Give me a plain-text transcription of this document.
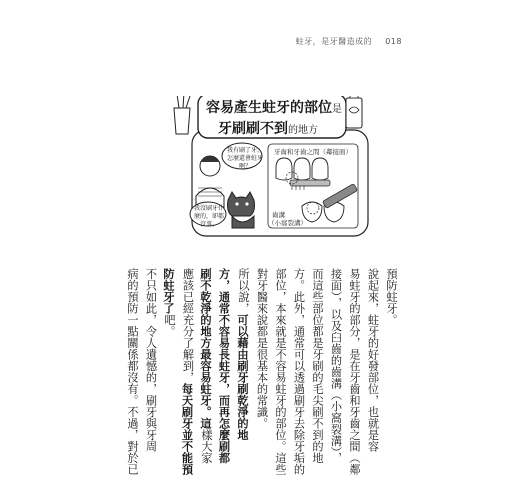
蛀牙，是牙醫造成的 018
我有刷了牙，
怎麼還會蛀牙
啊？
我沒刷牙什
麼的，卻都
沒事。
牙齒和牙齒之間（鄰接面）
齒溝
（小窩裂溝）
容易產生蛀牙的部位是
牙刷刷不到的地方
預防蛀牙。
說起來，蛀牙的好發部位，也就是容
易蛀牙的部分，是在牙齒和牙齒之間（鄰
接面），以及臼齒的齒溝（小窩裂溝），
而這些部位都是牙刷的毛尖刷不到的地
方。此外，通常可以透過刷牙去除牙垢的
部位，本來就是不容易蛀牙的部位。這些
對牙醫來說都是很基本的常識。
所以說，可以藉由刷牙刷乾淨的地
方，通常不容易長蛀牙，而再怎麼刷都
刷不乾淨的地方最容易蛀牙。這樣大家
應該已經充分了解到，每天刷牙並不能預
防蛀牙了吧。
不只如此，令人遺憾的，刷牙與牙周
病的預防一點關係都沒有。不過，對於已
